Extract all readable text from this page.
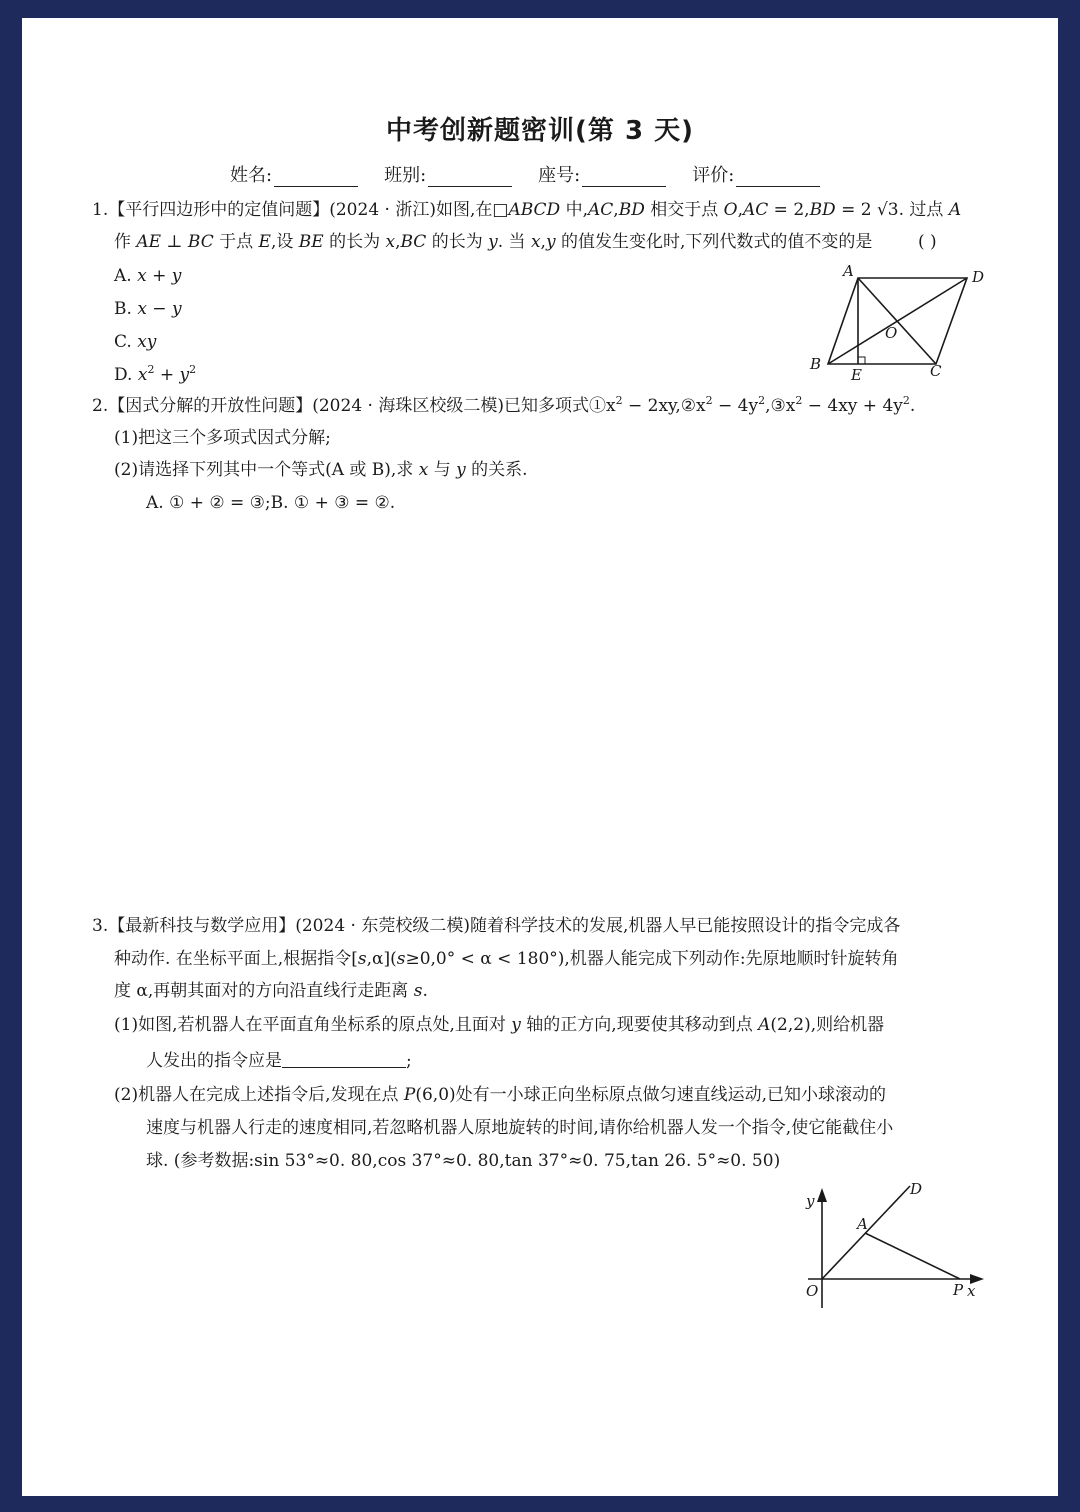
中考创新题密训(第 3 天)
姓名:	班别:	座号:	评价:
1.【平行四边形中的定值问题】(2024 · 浙江)如图,在□ABCD 中,AC,BD 相交于点 O,AC = 2,BD = 2 √3. 过点 A
作 AE ⊥ BC 于点 E,设 BE 的长为 x,BC 的长为 y. 当 x,y 的值发生变化时,下列代数式的值不变的是	( )
A. x + y
B. x − y
C. xy
D. $x^2 + y^2$
A	D
O
B
E	C
2.【因式分解的开放性问题】(2024 · 海珠区校级二模)已知多项式$①x^2$ − $2xy,②x^2$ − $4y^2,③x^2 - 4xy + 4y^2$.
(1)把这三个多项式因式分解;
(2)请选择下列其中一个等式(A 或 B),求 x 与 y 的关系.
A. ① + ② = ③;B. ① + ③ = ②.
3.【最新科技与数学应用】(2024 · 东莞校级二模)随着科学技术的发展,机器人早已能按照设计的指令完成各
种动作. 在坐标平面上,根据指令[s,α](s≥0,0° < α < 180°),机器人能完成下列动作:先原地顺时针旋转角
度 α,再朝其面对的方向沿直线行走距离 s.
(1)如图,若机器人在平面直角坐标系的原点处,且面对 y 轴的正方向,现要使其移动到点 A(2,2),则给机器
人发出的指令应是	;
(2)机器人在完成上述指令后,发现在点 P(6,0)处有一小球正向坐标原点做匀速直线运动,已知小球滚动的
速度与机器人行走的速度相同,若忽略机器人原地旋转的时间,请你给机器人发一个指令,使它能截住小
球. (参考数据:sin 53°≈0. 80,cos 37°≈0. 80,tan 37°≈0. 75,tan 26. 5°≈0. 50)
y
D
A
O	P x
